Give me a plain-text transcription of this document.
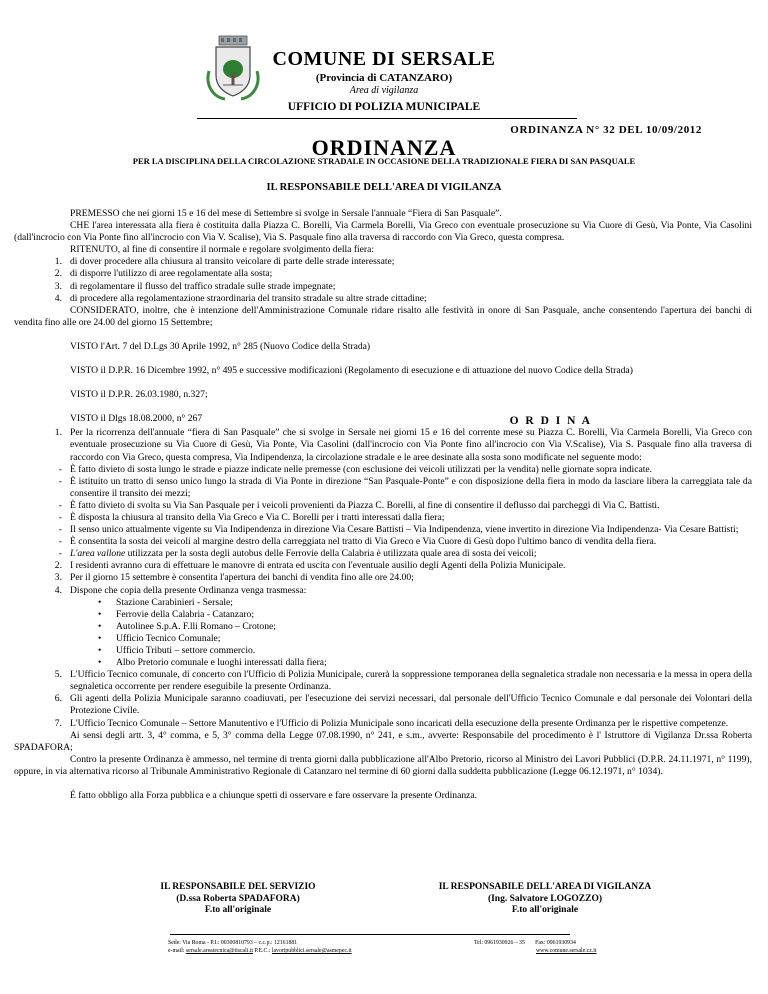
COMUNE DI SERSALE
(Provincia di CATANZARO)
Area di vigilanza
UFFICIO DI POLIZIA MUNICIPALE
ORDINANZA N° 32 DEL 10/09/2012
ORDINANZA
PER LA DISCIPLINA DELLA CIRCOLAZIONE STRADALE IN OCCASIONE DELLA TRADIZIONALE FIERA DI SAN PASQUALE
IL RESPONSABILE DELL'AREA DI VIGILANZA

PREMESSO che nei giorni 15 e 16 del mese di Settembre si svolge in Sersale l'annuale “Fiera di San Pasquale”.

CHE l'area interessata alla fiera è costituita dalla Piazza C. Borelli, Via Carmela Borelli, Via Greco con eventuale prosecuzione su Via Cuore di Gesù, Via Ponte, Via Casolini (dall'incrocio con Via Ponte fino all'incrocio con Via V. Scalise), Via S. Pasquale fino alla traversa di raccordo con Via Greco, questa compresa.

RITENUTO, al fine di consentire il normale e regolare svolgimento della fiera:

1. di dover procedere alla chiusura al transito veicolare di parte delle strade interessate;
2. di disporre l'utilizzo di aree regolamentate alla sosta;
3. di regolamentare il flusso del traffico stradale sulle strade impegnate;
4. di procedere alla regolamentazione straordinaria del transito stradale su altre strade cittadine;

CONSIDERATO, inoltre, che è intenzione dell'Amministrazione Comunale ridare risalto alle festività in onore di San Pasquale, anche consentendo l'apertura dei banchi di vendita fino alle ore 24.00 del giorno 15 Settembre;

VISTO l'Art. 7 del D.Lgs 30 Aprile 1992, n° 285 (Nuovo Codice della Strada)

VISTO il D.P.R. 16 Dicembre 1992, n° 495 e successive modificazioni (Regolamento di esecuzione e di attuazione del nuovo Codice della Strada)

VISTO il D.P.R. 26.03.1980, n.327;

VISTO il Dlgs 18.08.2000, n° 267	O R D I N A

1. Per la ricorrenza dell'annuale “fiera di San Pasquale” che si svolge in Sersale nei giorni 15 e 16 del corrente mese su Piazza C. Borelli, Via Carmela Borelli, Via Greco con eventuale prosecuzione su Via Cuore di Gesù, Via Ponte, Via Casolini (dall'incrocio con Via Ponte fino all'incrocio con Via V.Scalise), Via S. Pasquale fino alla traversa di raccordo con Via Greco, questa compresa, Via Indipendenza, la circolazione stradale e le aree desinate alla sosta sono modificate nel seguente modo:
- È fatto divieto di sosta lungo le strade e piazze indicate nelle premesse (con esclusione dei veicoli utilizzati per la vendita) nelle giornate sopra indicate.
- È istituito un tratto di senso unico lungo la strada di Via Ponte in direzione “San Pasquale-Ponte” e con disposizione della fiera in modo da lasciare libera la carreggiata tale da consentire il transito dei mezzi;
- È fatto divieto di svolta su Via San Pasquale per i veicoli provenienti da Piazza C. Borelli, al fine di consentire il deflusso dai parcheggi di Via C. Battisti.
- È disposta la chiusura al transito della Via Greco e Via C. Borelli per i tratti interessati dalla fiera;
- Il senso unico attualmente vigente su Via Indipendenza in direzione Via Cesare Battisti – Via Indipendenza, viene invertito in direzione Via Indipendenza- Via Cesare Battisti;
- È consentita la sosta dei veicoli al margine destro della carreggiata nel tratto di Via Greco e Via Cuore di Gesù dopo l'ultimo banco di vendita della fiera.
- L'area vallone utilizzata per la sosta degli autobus delle Ferrovie della Calabria è utilizzata quale area di sosta dei veicoli;
2. I residenti avranno cura di effettuare le manovre di entrata ed uscita con l'eventuale ausilio degli Agenti della Polizia Municipale.
3. Per il giorno 15 settembre è consentita l'apertura dei banchi di vendita fino alle ore 24.00;
4. Dispone che copia della presente Ordinanza venga trasmessa:
•	Stazione Carabinieri - Sersale;
•	Ferrovie della Calabria - Catanzaro;
•	Autolinee S.p.A. F.lli Romano – Crotone;
•	Ufficio Tecnico Comunale;
•	Ufficio Tributi – settore commercio.
•	Albo Pretorio comunale e luoghi interessati dalla fiera;
5. L'Ufficio Tecnico comunale, di concerto con l'Ufficio di Polizia Municipale, curerà la soppressione temporanea della segnaletica stradale non necessaria e la messa in opera della segnaletica occorrente per rendere eseguibile la presente Ordinanza.
6. Gli agenti della Polizia Municipale saranno coadiuvati, per l'esecuzione dei servizi necessari, dal personale dell'Ufficio Tecnico Comunale e dal personale dei Volontari della Protezione Civile.
7. L'Ufficio Tecnico Comunale – Settore Manutentivo e l'Ufficio di Polizia Municipale sono incaricati della esecuzione della presente Ordinanza per le rispettive competenze.

Ai sensi degli artt. 3, 4° comma, e 5, 3° comma della Legge 07.08.1990, n° 241, e s.m., avverte: Responsabile del procedimento è l' Istruttore di Vigilanza Dr.ssa Roberta SPADAFORA;

Contro la presente Ordinanza è ammesso, nel termine di trenta giorni dalla pubblicazione all'Albo Pretorio, ricorso al Ministro dei Lavori Pubblici (D.P.R. 24.11.1971, n° 1199), oppure, in via alternativa ricorso al Tribunale Amministrativo Regionale di Catanzaro nel termine di 60 giorni dalla suddetta pubblicazione (Legge 06.12.1971, n° 1034).

É fatto obbligo alla Forza pubblica e a chiunque spetti di osservare e fare osservare la presente Ordinanza.

IL RESPONSABILE DEL SERVIZIO
(D.ssa Roberta SPADAFORA)
F.to all'originale
IL RESPONSABILE DELL'AREA DI VIGILANZA
(Ing. Salvatore LOGOZZO)
F.to all'originale
Sede: Via Roma - P.I.: 00300810793 – c.c.p.: 12161881
e-mail: sersale.areatecnica@tiscali.it P.E.C.: lavoripubblici.sersale@asmepec.it
Tel: 0961930926 – 35 Fax: 0961930934
www.comune.sersale.cz.it
